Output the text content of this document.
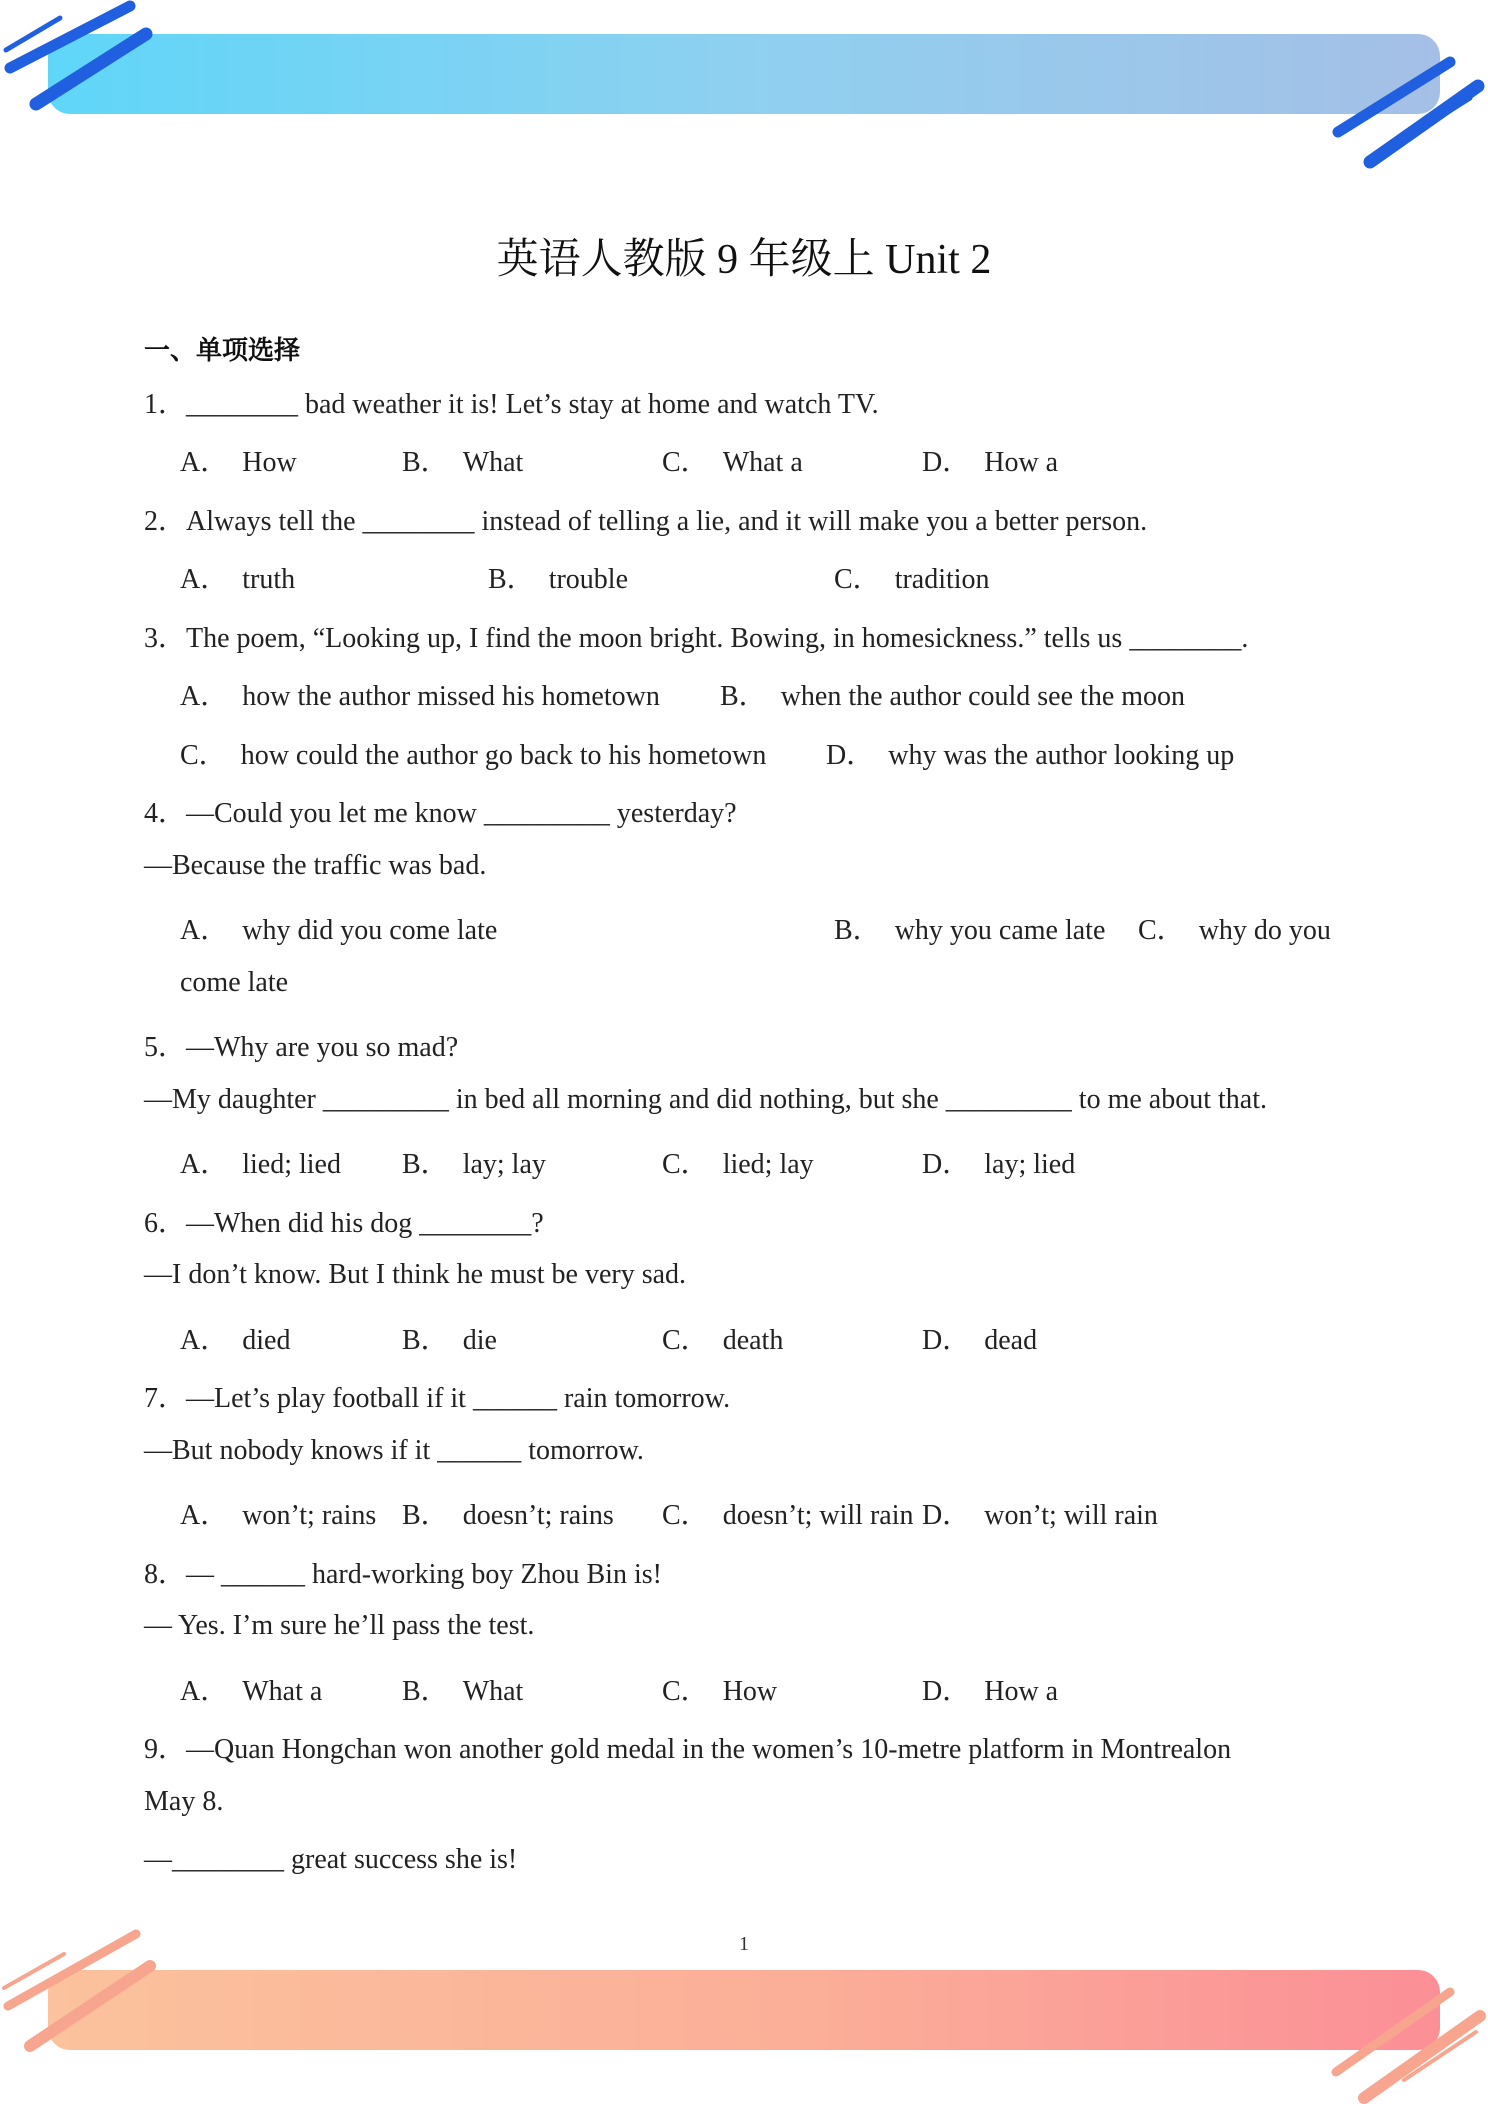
英语人教版 9 年级上 Unit 2
一、单项选择
1．________ bad weather it is! Let’s stay at home and watch TV.
A． How	B． What	C． What a	D． How a
2．Always tell the ________ instead of telling a lie, and it will make you a better person.
A． truth	B． trouble	C． tradition
3．The poem, “Looking up, I find the moon bright. Bowing, in homesickness.” tells us ________.
A． how the author missed his hometown B． when the author could see the moon
C． how could the author go back to his hometown D． why was the author looking up
4．—Could you let me know _________ yesterday?
—Because the traffic was bad.
A． why did you come late	B． why you came late C． why do you
come late
5．—Why are you so mad?
—My daughter _________ in bed all morning and did nothing, but she _________ to me about that.
A． lied; lied B． lay; lay	C． lied; lay	D． lay; lied
6．—When did his dog ________?
—I don’t know. But I think he must be very sad.
A． died	B． die	C． death	D． dead
7．—Let’s play football if it ______ rain tomorrow.
—But nobody knows if it ______ tomorrow.
A． won’t; rains B． doesn’t; rains C． doesn’t; will rain D． won’t; will rain
8．— ______ hard-working boy Zhou Bin is!
— Yes. I’m sure he’ll pass the test.
A． What a	B． What	C． How	D． How a
9．—Quan Hongchan won another gold medal in the women’s 10-metre platform in Montrealon
May 8.
—________ great success she is!
1
